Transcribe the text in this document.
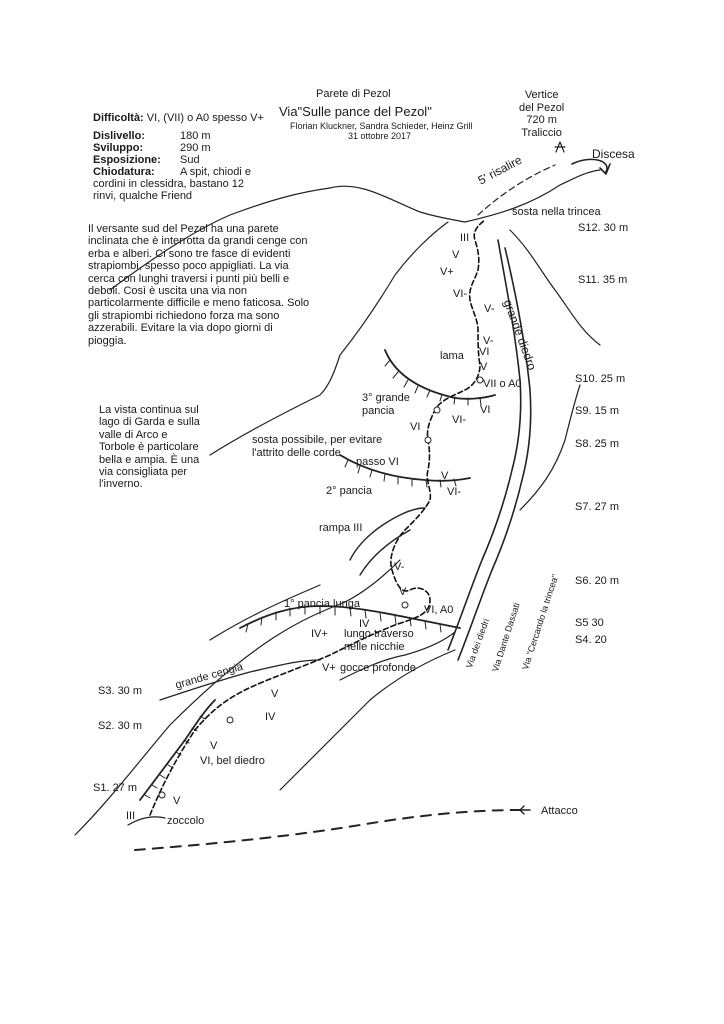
Parete di Pezol
Via"Sulle pance del Pezol"
Florian Kluckner, Sandra Schieder, Heinz Grill
31 ottobre 2017
Difficoltà: VI, (VII) o A0 spesso V+
Vertice
del Pezol
720 m
Traliccio
Dislivello:	180 m
Sviluppo:	290 m
Esposizione: Sud
Chiodatura: A spit, chiodi e
cordini in clessidra, bastano 12
rinvi, qualche Friend
Il versante sud del Pezol ha una parete inclinata che è interrotta da grandi cenge con erba e alberi. Ci sono tre fasce di evidenti strapiombi, spesso poco appigliati. La via cerca con lunghi traversi i punti più belli e deboli. Così è uscita una via non particolarmente difficile e meno faticosa. Solo gli strapiombi richiedono forza ma sono azzerabili. Evitare la via dopo giorni di pioggia.
La vista continua sul lago di Garda e sulla valle di Arco e Torbole è particolare bella e ampia. È una via consigliata per l'inverno.
Discesa
5' risalire
sosta nella trincea
grande diedro
lama
3° grande
pancia
sosta possibile, per evitare
l'attrito delle corde
passo VI
2° pancia
rampa III
1° pancia lunga
lungo traverso
nelle nicchie
gocce profonde
grande cengia
VI, bel diedro
zoccolo
Attacco
Via dei diedri
Via Dante Dassati
Via "Cercando la trincea"
III
V
V+
VI-
V-
V-
VI
V
VII o A0
VI
VI-
VI
V
VI-
V-
V
VI, A0
IV
IV+
V+
V
IV
V
V
III
S12. 30 m
S11. 35 m
S10. 25 m
S9. 15 m
S8. 25 m
S7. 27 m
S6. 20 m
S5 30
S4. 20
S3. 30 m
S2. 30 m
S1. 27 m
